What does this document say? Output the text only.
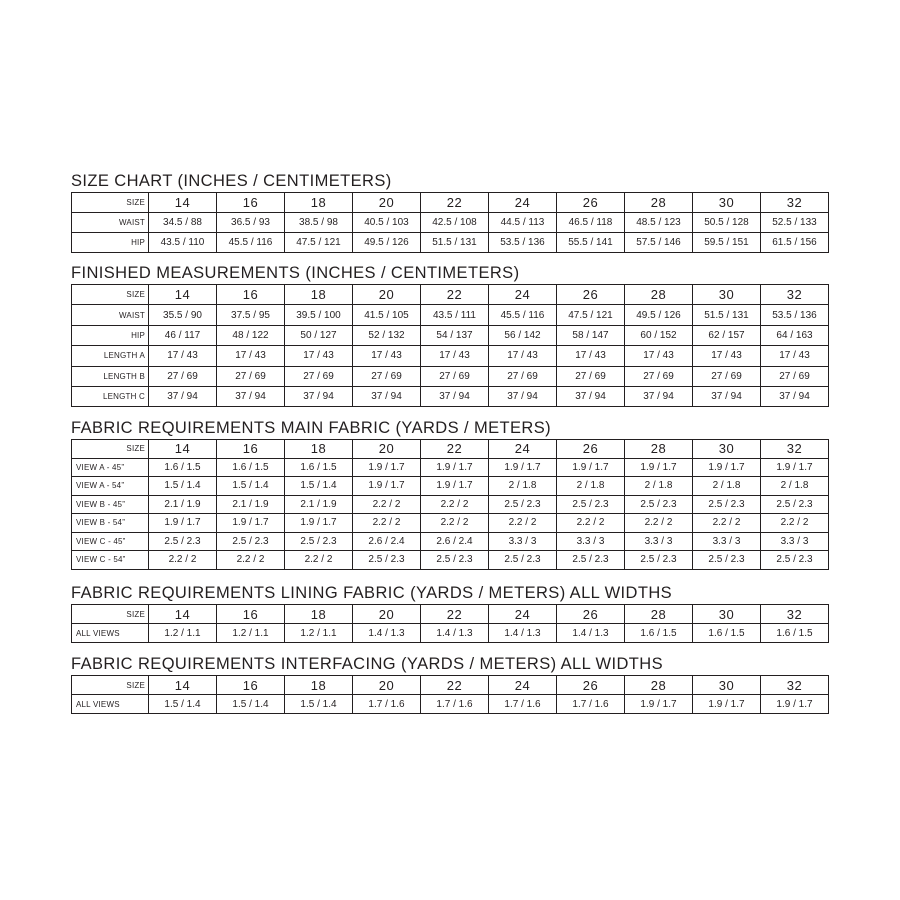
SIZE CHART (INCHES / CENTIMETERS)
SIZE	14	16	18	20	22	24	26	28	30	32
WAIST	34.5 / 88	36.5 / 93	38.5 / 98	40.5 / 103	42.5 / 108	44.5 / 113	46.5 / 118	48.5 / 123	50.5 / 128	52.5 / 133
HIP	43.5 / 110	45.5 / 116	47.5 / 121	49.5 / 126	51.5 / 131	53.5 / 136	55.5 / 141	57.5 / 146	59.5 / 151	61.5 / 156
FINISHED MEASUREMENTS (INCHES / CENTIMETERS)
SIZE	14	16	18	20	22	24	26	28	30	32
WAIST	35.5 / 90	37.5 / 95	39.5 / 100	41.5 / 105	43.5 / 111	45.5 / 116	47.5 / 121	49.5 / 126	51.5 / 131	53.5 / 136
HIP	46 / 117	48 / 122	50 / 127	52 / 132	54 / 137	56 / 142	58 / 147	60 / 152	62 / 157	64 / 163
LENGTH A	17 / 43	17 / 43	17 / 43	17 / 43	17 / 43	17 / 43	17 / 43	17 / 43	17 / 43	17 / 43
LENGTH B	27 / 69	27 / 69	27 / 69	27 / 69	27 / 69	27 / 69	27 / 69	27 / 69	27 / 69	27 / 69
LENGTH C	37 / 94	37 / 94	37 / 94	37 / 94	37 / 94	37 / 94	37 / 94	37 / 94	37 / 94	37 / 94
FABRIC REQUIREMENTS MAIN FABRIC (YARDS / METERS)
SIZE	14	16	18	20	22	24	26	28	30	32
VIEW A - 45”	1.6 / 1.5	1.6 / 1.5	1.6 / 1.5	1.9 / 1.7	1.9 / 1.7	1.9 / 1.7	1.9 / 1.7	1.9 / 1.7	1.9 / 1.7	1.9 / 1.7
VIEW A - 54”	1.5 / 1.4	1.5 / 1.4	1.5 / 1.4	1.9 / 1.7	1.9 / 1.7	2 / 1.8	2 / 1.8	2 / 1.8	2 / 1.8	2 / 1.8
VIEW B - 45”	2.1 / 1.9	2.1 / 1.9	2.1 / 1.9	2.2 / 2	2.2 / 2	2.5 / 2.3	2.5 / 2.3	2.5 / 2.3	2.5 / 2.3	2.5 / 2.3
VIEW B - 54”	1.9 / 1.7	1.9 / 1.7	1.9 / 1.7	2.2 / 2	2.2 / 2	2.2 / 2	2.2 / 2	2.2 / 2	2.2 / 2	2.2 / 2
VIEW C - 45”	2.5 / 2.3	2.5 / 2.3	2.5 / 2.3	2.6 / 2.4	2.6 / 2.4	3.3 / 3	3.3 / 3	3.3 / 3	3.3 / 3	3.3 / 3
VIEW C - 54”	2.2 / 2	2.2 / 2	2.2 / 2	2.5 / 2.3	2.5 / 2.3	2.5 / 2.3	2.5 / 2.3	2.5 / 2.3	2.5 / 2.3	2.5 / 2.3
FABRIC REQUIREMENTS LINING FABRIC (YARDS / METERS) ALL WIDTHS
SIZE	14	16	18	20	22	24	26	28	30	32
ALL VIEWS	1.2 / 1.1	1.2 / 1.1	1.2 / 1.1	1.4 / 1.3	1.4 / 1.3	1.4 / 1.3	1.4 / 1.3	1.6 / 1.5	1.6 / 1.5	1.6 / 1.5
FABRIC REQUIREMENTS INTERFACING (YARDS / METERS) ALL WIDTHS
SIZE	14	16	18	20	22	24	26	28	30	32
ALL VIEWS	1.5 / 1.4	1.5 / 1.4	1.5 / 1.4	1.7 / 1.6	1.7 / 1.6	1.7 / 1.6	1.7 / 1.6	1.9 / 1.7	1.9 / 1.7	1.9 / 1.7
